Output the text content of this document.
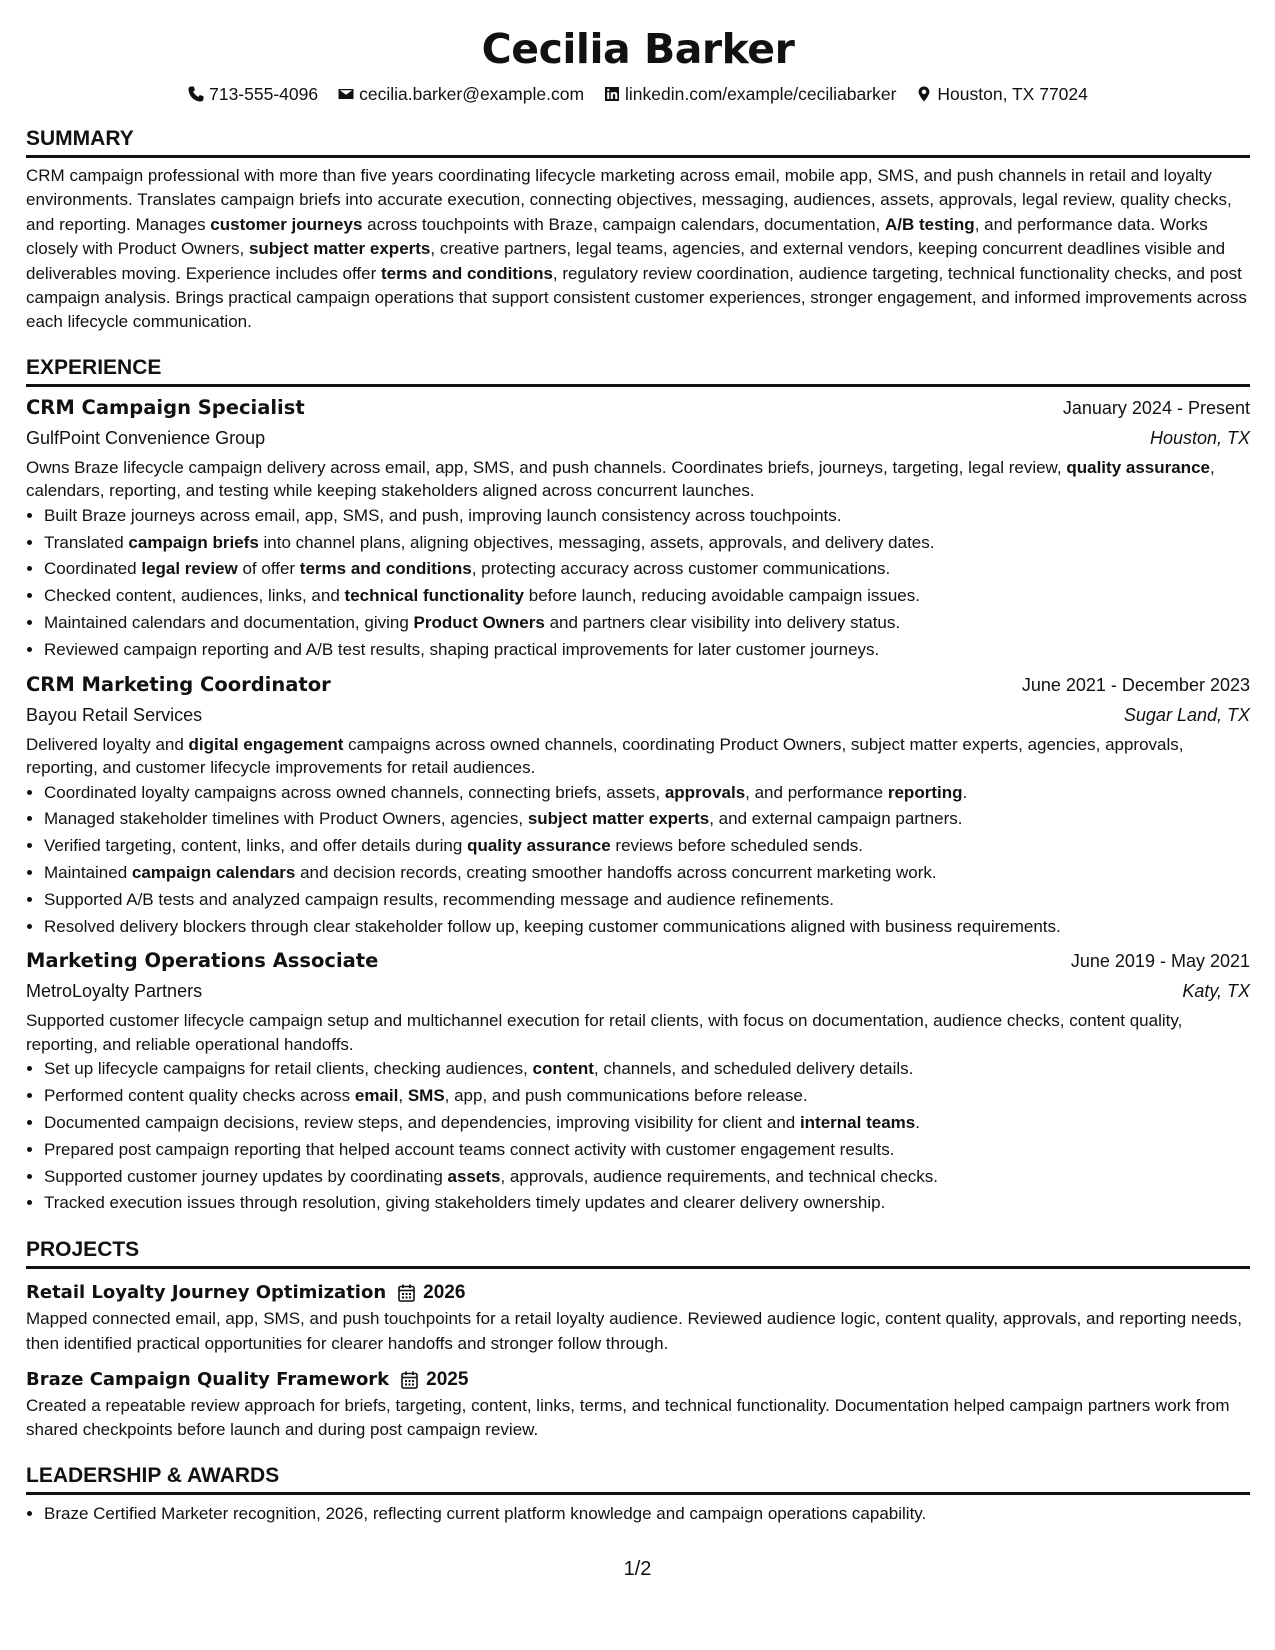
Cecilia Barker
713-555-4096 cecilia.barker@example.com linkedin.com/example/ceciliabarker Houston, TX 77024
SUMMARY
CRM campaign professional with more than five years coordinating lifecycle marketing across email, mobile app, SMS, and push channels in retail and loyalty environments. Translates campaign briefs into accurate execution, connecting objectives, messaging, audiences, assets, approvals, legal review, quality checks, and reporting. Manages customer journeys across touchpoints with Braze, campaign calendars, documentation, A/B testing, and performance data. Works closely with Product Owners, subject matter experts, creative partners, legal teams, agencies, and external vendors, keeping concurrent deadlines visible and deliverables moving. Experience includes offer terms and conditions, regulatory review coordination, audience targeting, technical functionality checks, and post campaign analysis. Brings practical campaign operations that support consistent customer experiences, stronger engagement, and informed improvements across each lifecycle communication.
EXPERIENCE
CRM Campaign Specialist	January 2024 - Present
GulfPoint Convenience Group	Houston, TX
Owns Braze lifecycle campaign delivery across email, app, SMS, and push channels. Coordinates briefs, journeys, targeting, legal review, quality assurance, calendars, reporting, and testing while keeping stakeholders aligned across concurrent launches.
• Built Braze journeys across email, app, SMS, and push, improving launch consistency across touchpoints.
• Translated campaign briefs into channel plans, aligning objectives, messaging, assets, approvals, and delivery dates.
• Coordinated legal review of offer terms and conditions, protecting accuracy across customer communications.
• Checked content, audiences, links, and technical functionality before launch, reducing avoidable campaign issues.
• Maintained calendars and documentation, giving Product Owners and partners clear visibility into delivery status.
• Reviewed campaign reporting and A/B test results, shaping practical improvements for later customer journeys.
CRM Marketing Coordinator	June 2021 - December 2023
Bayou Retail Services	Sugar Land, TX
Delivered loyalty and digital engagement campaigns across owned channels, coordinating Product Owners, subject matter experts, agencies, approvals, reporting, and customer lifecycle improvements for retail audiences.
• Coordinated loyalty campaigns across owned channels, connecting briefs, assets, approvals, and performance reporting.
• Managed stakeholder timelines with Product Owners, agencies, subject matter experts, and external campaign partners.
• Verified targeting, content, links, and offer details during quality assurance reviews before scheduled sends.
• Maintained campaign calendars and decision records, creating smoother handoffs across concurrent marketing work.
• Supported A/B tests and analyzed campaign results, recommending message and audience refinements.
• Resolved delivery blockers through clear stakeholder follow up, keeping customer communications aligned with business requirements.
Marketing Operations Associate	June 2019 - May 2021
MetroLoyalty Partners	Katy, TX
Supported customer lifecycle campaign setup and multichannel execution for retail clients, with focus on documentation, audience checks, content quality, reporting, and reliable operational handoffs.
• Set up lifecycle campaigns for retail clients, checking audiences, content, channels, and scheduled delivery details.
• Performed content quality checks across email, SMS, app, and push communications before release.
• Documented campaign decisions, review steps, and dependencies, improving visibility for client and internal teams.
• Prepared post campaign reporting that helped account teams connect activity with customer engagement results.
• Supported customer journey updates by coordinating assets, approvals, audience requirements, and technical checks.
• Tracked execution issues through resolution, giving stakeholders timely updates and clearer delivery ownership.
PROJECTS
Retail Loyalty Journey Optimization 2026
Mapped connected email, app, SMS, and push touchpoints for a retail loyalty audience. Reviewed audience logic, content quality, approvals, and reporting needs, then identified practical opportunities for clearer handoffs and stronger follow through.
Braze Campaign Quality Framework 2025
Created a repeatable review approach for briefs, targeting, content, links, terms, and technical functionality. Documentation helped campaign partners work from shared checkpoints before launch and during post campaign review.
LEADERSHIP & AWARDS
• Braze Certified Marketer recognition, 2026, reflecting current platform knowledge and campaign operations capability.
1/2
